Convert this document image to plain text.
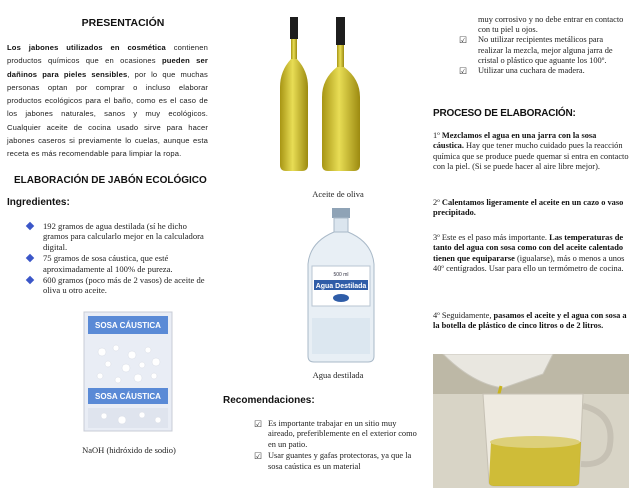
PRESENTACIÓN
Los jabones utilizados en cosmética contienen productos químicos que en ocasiones pueden ser dañinos para pieles sensibles, por lo que muchas personas optan por comprar o incluso elaborar productos ecológicos para el baño, como es el caso de los jabones naturales, sanos y muy ecológicos. Cualquier aceite de cocina usado sirve para hacer jabones caseros si previamente lo cuelas, aunque esta receta es más recomendable para limpiar la ropa.
ELABORACIÓN DE JABÓN ECOLÓGICO
Ingredientes:
192 gramos de agua destilada (sí he dicho gramos para calcularlo mejor en la calculadora digital.
75 gramos de sosa cáustica, que esté aproximadamente al 100% de pureza.
600 gramos (poco más de 2 vasos) de aceite de oliva u otro aceite.
SOSA CÁUSTICA
SOSA CÁUSTICA
NaOH (hidróxido de sodio)
Aceite de oliva
500 ml
Agua Destilada
Agua destilada
Recomendaciones:
☑ Es importante trabajar en un sitio muy aireado, preferiblemente en el exterior como en un patio.
☑ Usar guantes y gafas protectoras, ya que la sosa caústica es un material
muy corrosivo y no debe entrar en contacto con tu piel u ojos.
☑ No utilizar recipientes metálicos para realizar la mezcla, mejor alguna jarra de cristal o plástico que aguante los 100º.
☑ Utilizar una cuchara de madera.
PROCESO DE ELABORACIÓN:
1º Mezclamos el agua en una jarra con la sosa cáustica. Hay que tener mucho cuidado pues la reacción química que se produce puede quemar si entra en contacto con la piel. (Si se puede hacer al aire libre mejor).
2º Calentamos ligeramente el aceite en un cazo o vaso precipitado.
3º Este es el paso más importante. Las temperaturas de tanto del agua con sosa como con del aceite calentado tienen que equipararse (igualarse), más o menos a unos 40º centígrados. Usar para ello un termómetro de cocina.
4º Seguidamente, pasamos el aceite y el agua con sosa a la botella de plástico de cinco litros o de 2 litros.
